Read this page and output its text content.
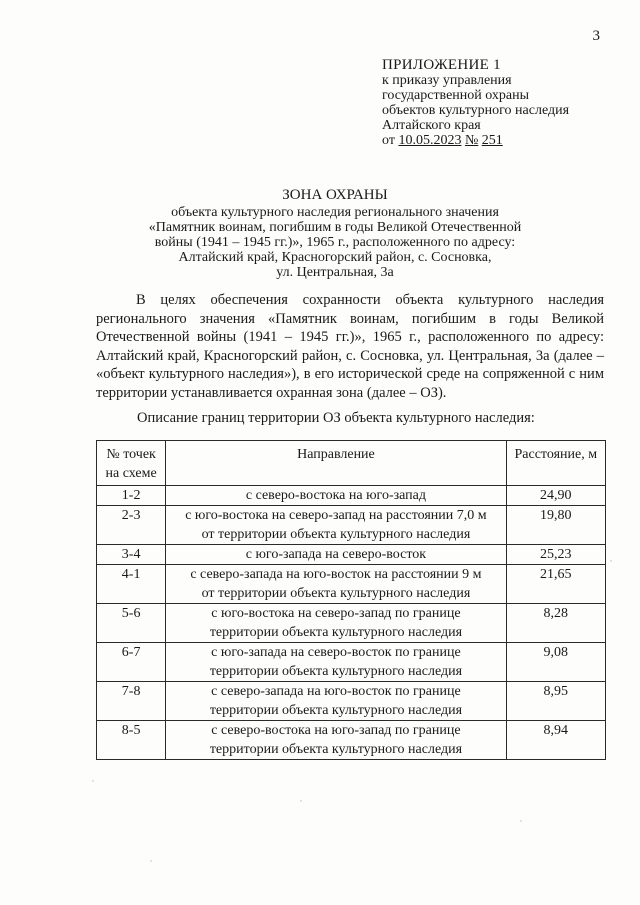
3
ПРИЛОЖЕНИЕ 1
к приказу управления
государственной охраны
объектов культурного наследия
Алтайского края
от 10.05.2023 № 251
ЗОНА ОХРАНЫ
объекта культурного наследия регионального значения
«Памятник воинам, погибшим в годы Великой Отечественной
войны (1941 – 1945 гг.)», 1965 г., расположенного по адресу:
Алтайский край, Красногорский район, с. Сосновка,
ул. Центральная, 3а
В целях обеспечения сохранности объекта культурного наследия регионального значения «Памятник воинам, погибшим в годы Великой Отечественной войны (1941 – 1945 гг.)», 1965 г., расположенного по адресу: Алтайский край, Красногорский район, с. Сосновка, ул. Центральная, 3а (далее – «объект культурного наследия»), в его исторической среде на сопряженной с ним территории устанавливается охранная зона (далее – ОЗ).
Описание границ территории ОЗ объекта культурного наследия:
№ точек
на схеме	Направление	Расстояние, м
1-2	с северо-востока на юго-запад	24,90
2-3	с юго-востока на северо-запад на расстоянии 7,0 м
от территории объекта культурного наследия	19,80
3-4	с юго-запада на северо-восток	25,23
4-1	с северо-запада на юго-восток на расстоянии 9 м
от территории объекта культурного наследия	21,65
5-6	с юго-востока на северо-запад по границе
территории объекта культурного наследия	8,28
6-7	с юго-запада на северо-восток по границе
территории объекта культурного наследия	9,08
7-8	с северо-запада на юго-восток по границе
территории объекта культурного наследия	8,95
8-5	с северо-востока на юго-запад по границе
территории объекта культурного наследия	8,94
